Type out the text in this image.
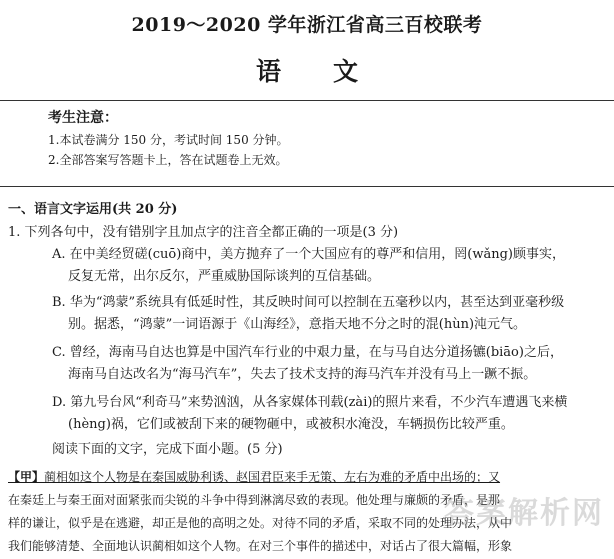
2019～2020 学年浙江省高三百校联考
语文
考生注意：
1.本试卷满分 150 分，考试时间 150 分钟。
2.全部答案写答题卡上，答在试题卷上无效。
一、语言文字运用(共 20 分)
1. 下列各句中，没有错别字且加点字的注音全都正确的一项是(3 分)
A. 在中美经贸磋(cuō)商中，美方抛弃了一个大国应有的尊严和信用，罔(wǎng)顾事实，
反复无常，出尔反尔，严重威胁国际谈判的互信基础。
B. 华为“鸿蒙”系统具有低延时性，其反映时间可以控制在五毫秒以内，甚至达到亚毫秒级
别。据悉，“鸿蒙”一词语源于《山海经》，意指天地不分之时的混(hùn)沌元气。
C. 曾经，海南马自达也算是中国汽车行业的中艰力量，在与马自达分道扬镳(biāo)之后，
海南马自达改名为“海马汽车”，失去了技术支持的海马汽车并没有马上一蹶不振。
D. 第九号台风“利奇马”来势汹汹，从各家媒体刊载(zài)的照片来看，不少汽车遭遇飞来横
(hèng)祸，它们或被刮下来的硬物砸中，或被积水淹没，车辆损伤比较严重。
阅读下面的文字，完成下面小题。(5 分)
【甲】蔺相如这个人物是在秦国威胁利诱、赵国君臣来手无策、左右为难的矛盾中出场的；又
在秦廷上与秦王面对面紧张而尖锐的斗争中得到淋漓尽致的表现。他处理与廉颇的矛盾，是那
样的谦让，似乎是在逃避，却正是他的高明之处。对待不同的矛盾，采取不同的处理办法，从中
我们能够清楚、全面地认识蔺相如这个人物。在对三个事件的描述中，对话占了很大篇幅，形象
答案解析网
